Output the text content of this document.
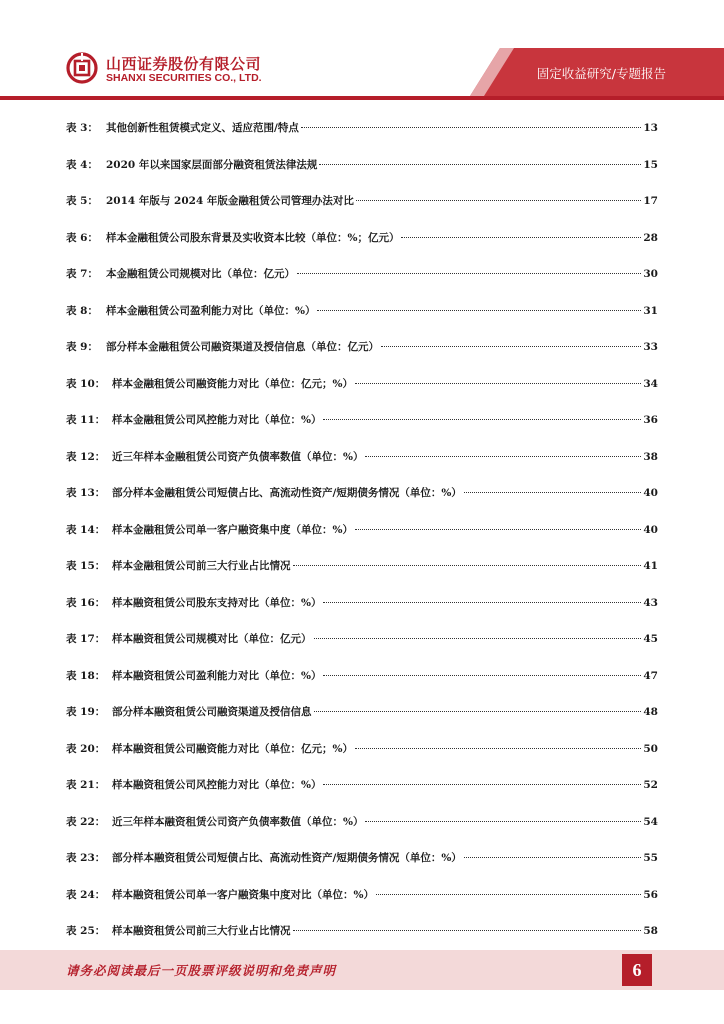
山西证券股份有限公司
SHANXI SECURITIES CO., LTD.	固定收益研究/专题报告
表 3： 其他创新性租赁模式定义、适应范围/特点	13
表 4： 2020 年以来国家层面部分融资租赁法律法规	15
表 5： 2014 年版与 2024 年版金融租赁公司管理办法对比	17
表 6： 样本金融租赁公司股东背景及实收资本比较（单位：%；亿元）	28
表 7： 本金融租赁公司规模对比（单位：亿元）	30
表 8： 样本金融租赁公司盈利能力对比（单位：%）	31
表 9： 部分样本金融租赁公司融资渠道及授信信息（单位：亿元）	33
表 10： 样本金融租赁公司融资能力对比（单位：亿元；%）	34
表 11： 样本金融租赁公司风控能力对比（单位：%）	36
表 12： 近三年样本金融租赁公司资产负债率数值（单位：%）	38
表 13： 部分样本金融租赁公司短债占比、高流动性资产/短期债务情况（单位：%）	40
表 14： 样本金融租赁公司单一客户融资集中度（单位：%）	40
表 15： 样本金融租赁公司前三大行业占比情况	41
表 16： 样本融资租赁公司股东支持对比（单位：%）	43
表 17： 样本融资租赁公司规模对比（单位：亿元）	45
表 18： 样本融资租赁公司盈利能力对比（单位：%）	47
表 19： 部分样本融资租赁公司融资渠道及授信信息	48
表 20： 样本融资租赁公司融资能力对比（单位：亿元；%）	50
表 21： 样本融资租赁公司风控能力对比（单位：%）	52
表 22： 近三年样本融资租赁公司资产负债率数值（单位：%）	54
表 23： 部分样本融资租赁公司短债占比、高流动性资产/短期债务情况（单位：%）	55
表 24： 样本融资租赁公司单一客户融资集中度对比（单位：%）	56
表 25： 样本融资租赁公司前三大行业占比情况	58
请务必阅读最后一页股票评级说明和免责声明	6
